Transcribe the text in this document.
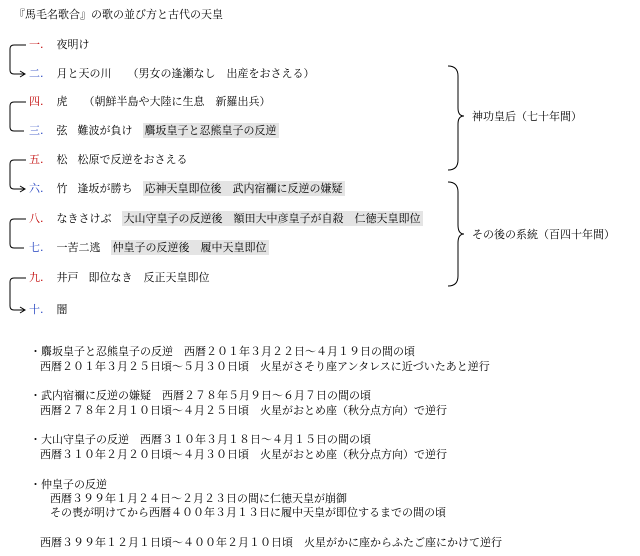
『馬毛名歌合』の歌の並び方と古代の天皇
一. 夜明け
二. 月と天の川 （男女の逢瀬なし　出産をおさえる）
四. 虎 （朝鮮半島や大陸に生息　新羅出兵）
三. 弦 難波が負け 麛坂皇子と忍熊皇子の反逆
五. 松 松原で反逆をおさえる
六. 竹 逢坂が勝ち 応神天皇即位後　武内宿禰に反逆の嫌疑
八. なきさけぶ 大山守皇子の反逆後　額田大中彦皇子が自殺　仁徳天皇即位
七. 一苦二逃 仲皇子の反逆後　履中天皇即位
九. 井戸 即位なき　反正天皇即位
十. 闇
神功皇后（七十年間）
その後の系統（百四十年間）
・麛坂皇子と忍熊皇子の反逆　西暦２０１年３月２２日～４月１９日の間の頃
西暦２０１年３月２５日頃～５月３０日頃　火星がさそり座アンタレスに近づいたあと逆行
・武内宿禰に反逆の嫌疑　西暦２７８年５月９日～６月７日の間の頃
西暦２７８年２月１０日頃～４月２５日頃　火星がおとめ座（秋分点方向）で逆行
・大山守皇子の反逆　西暦３１０年３月１８日～４月１５日の間の頃
西暦３１０年２月２０日頃～４月３０日頃　火星がおとめ座（秋分点方向）で逆行
・仲皇子の反逆
西暦３９９年１月２４日～２月２３日の間に仁徳天皇が崩御
その喪が明けてから西暦４００年３月１３日に履中天皇が即位するまでの間の頃
西暦３９９年１２月１日頃～４００年２月１０日頃　火星がかに座からふたご座にかけて逆行
